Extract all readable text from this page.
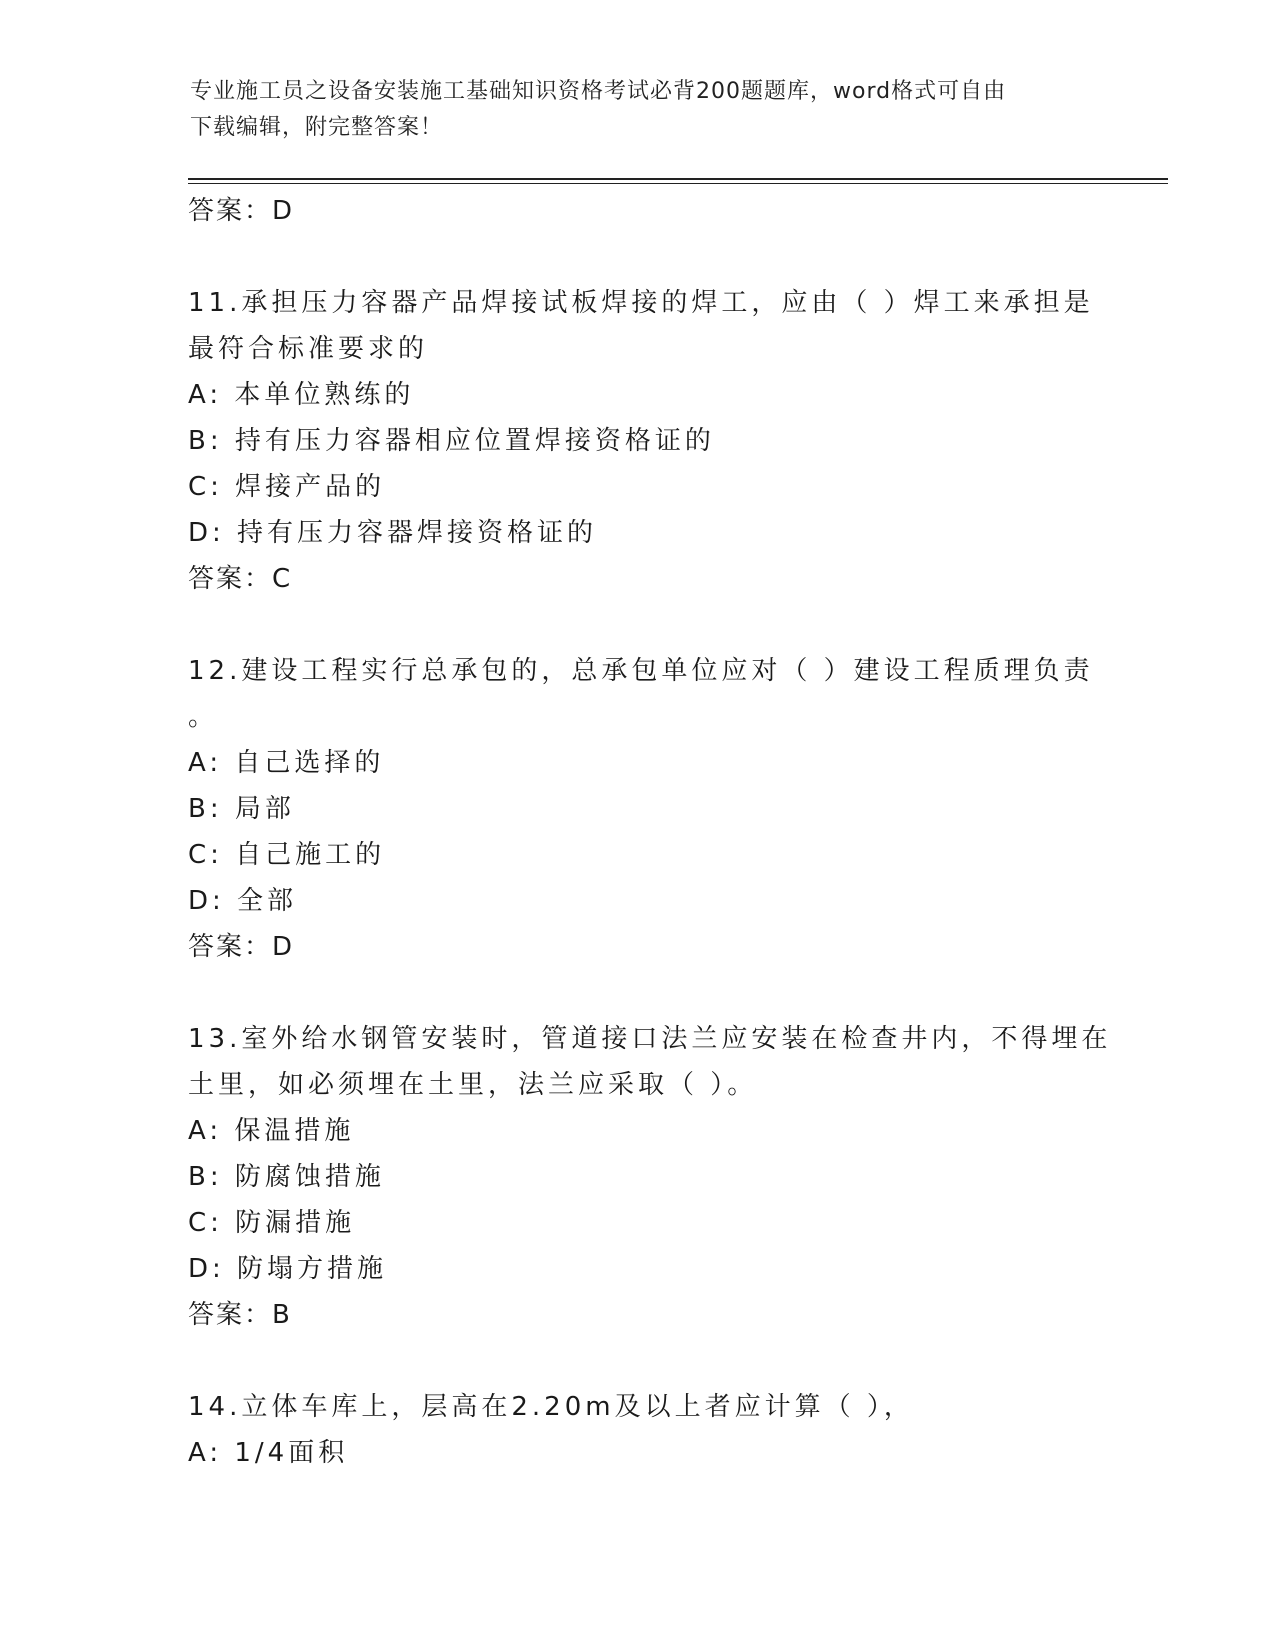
专业施工员之设备安装施工基础知识资格考试必背200题题库，word格式可自由
下载编辑，附完整答案！
答案：D
11.承担压力容器产品焊接试板焊接的焊工，应由（ ）焊工来承担是
最符合标准要求的
A: 本单位熟练的
B: 持有压力容器相应位置焊接资格证的
C: 焊接产品的
D: 持有压力容器焊接资格证的
答案：C
12.建设工程实行总承包的，总承包单位应对（ ）建设工程质理负责
。
A: 自己选择的
B: 局部
C: 自己施工的
D: 全部
答案：D
13.室外给水钢管安装时，管道接口法兰应安装在检查井内，不得埋在
土里，如必须埋在土里，法兰应采取（ ）。
A: 保温措施
B: 防腐蚀措施
C: 防漏措施
D: 防塌方措施
答案：B
14.立体车库上，层高在2.20m及以上者应计算（ ），
A: 1/4面积
